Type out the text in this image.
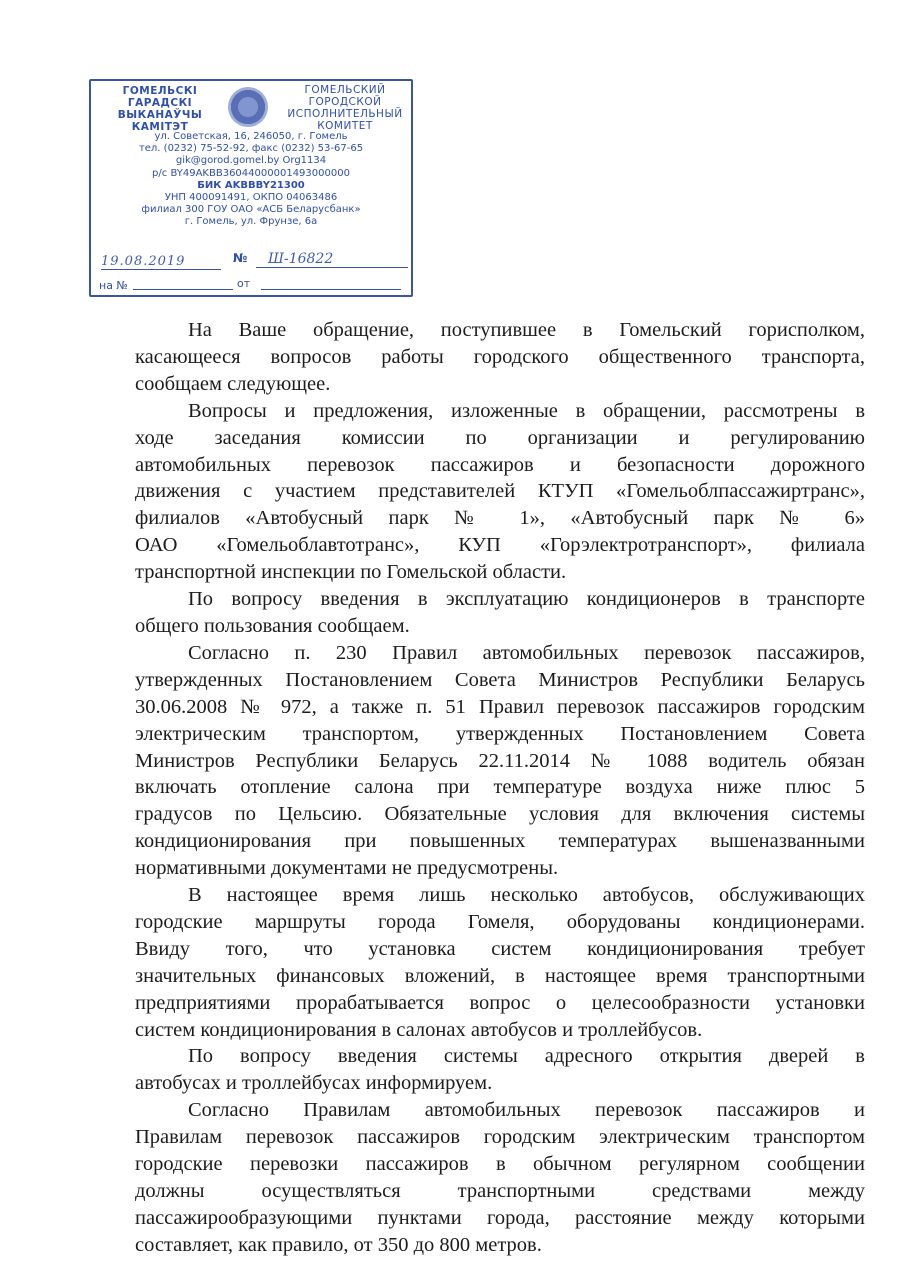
ГОМЕЛЬСКІ
ГАРАДСКІ
ВЫКАНАЎЧЫ
КАМІТЭТ
ГОМЕЛЬСКИЙ
ГОРОДСКОЙ
ИСПОЛНИТЕЛЬНЫЙ
КОМИТЕТ
ул. Советская, 16, 246050, г. Гомель
тел. (0232) 75-52-92, факс (0232) 53-67-65
gik@gorod.gomel.by Org1134
р/с BY49AKBB36044000001493000000
БИК AKBBBY21300
УНП 400091491, ОКПО 04063486
филиал 300 ГОУ ОАО «АСБ Беларусбанк»
г. Гомель, ул. Фрунзе, 6а
19.08.2019	№	Ш-16822
на №	от
На Ваше обращение, поступившее в Гомельский горисполком,
касающееся вопросов работы городского общественного транспорта,
сообщаем следующее.
Вопросы и предложения, изложенные в обращении, рассмотрены в
ходе заседания комиссии по организации и регулированию
автомобильных перевозок пассажиров и безопасности дорожного
движения с участием представителей КТУП «Гомельоблпассажиртранс»,
филиалов «Автобусный парк № 1», «Автобусный парк № 6»
ОАО «Гомельоблавтотранс», КУП «Горэлектротранспорт», филиала
транспортной инспекции по Гомельской области.
По вопросу введения в эксплуатацию кондиционеров в транспорте
общего пользования сообщаем.
Согласно п. 230 Правил автомобильных перевозок пассажиров,
утвержденных Постановлением Совета Министров Республики Беларусь
30.06.2008 № 972, а также п. 51 Правил перевозок пассажиров городским
электрическим транспортом, утвержденных Постановлением Совета
Министров Республики Беларусь 22.11.2014 № 1088 водитель обязан
включать отопление салона при температуре воздуха ниже плюс 5
градусов по Цельсию. Обязательные условия для включения системы
кондиционирования при повышенных температурах вышеназванными
нормативными документами не предусмотрены.
В настоящее время лишь несколько автобусов, обслуживающих
городские маршруты города Гомеля, оборудованы кондиционерами.
Ввиду того, что установка систем кондиционирования требует
значительных финансовых вложений, в настоящее время транспортными
предприятиями прорабатывается вопрос о целесообразности установки
систем кондиционирования в салонах автобусов и троллейбусов.
По вопросу введения системы адресного открытия дверей в
автобусах и троллейбусах информируем.
Согласно Правилам автомобильных перевозок пассажиров и
Правилам перевозок пассажиров городским электрическим транспортом
городские перевозки пассажиров в обычном регулярном сообщении
должны осуществляться транспортными средствами между
пассажирообразующими пунктами города, расстояние между которыми
составляет, как правило, от 350 до 800 метров.
